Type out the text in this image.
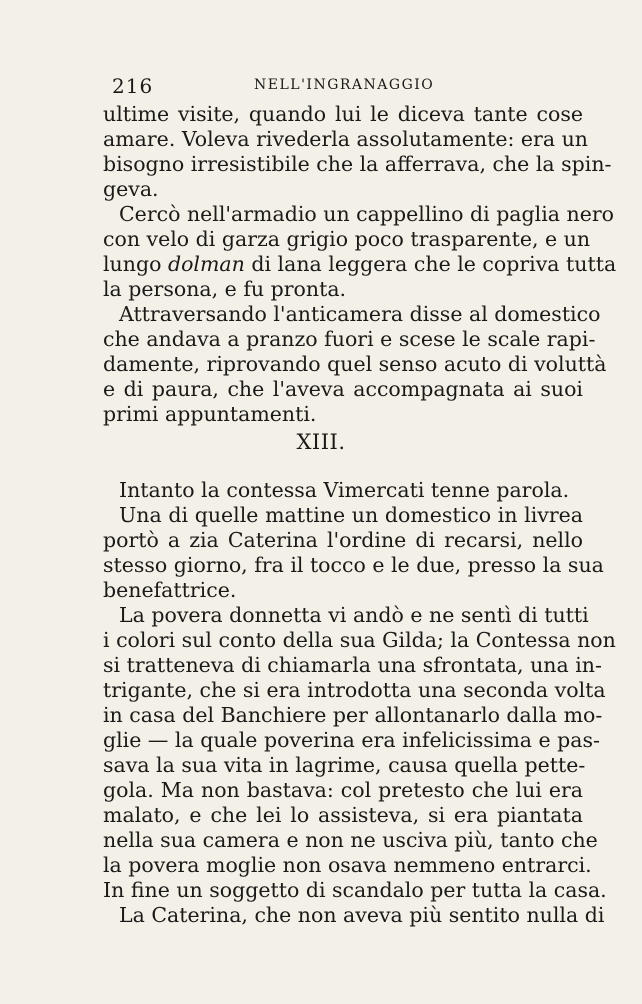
216	NELL'INGRANAGGIO

ultime visite, quando lui le diceva tante cose
amare. Voleva rivederla assolutamente: era un
bisogno irresistibile che la afferrava, che la spin-
geva.

Cercò nell'armadio un cappellino di paglia nero
con velo di garza grigio poco trasparente, e un
lungo dolman di lana leggera che le copriva tutta
la persona, e fu pronta.

Attraversando l'anticamera disse al domestico
che andava a pranzo fuori e scese le scale rapi-
damente, riprovando quel senso acuto di voluttà
e di paura, che l'aveva accompagnata ai suoi
primi appuntamenti.

XIII.

Intanto la contessa Vimercati tenne parola.

Una di quelle mattine un domestico in livrea
portò a zia Caterina l'ordine di recarsi, nello
stesso giorno, fra il tocco e le due, presso la sua
benefattrice.

La povera donnetta vi andò e ne sentì di tutti
i colori sul conto della sua Gilda; la Contessa non
si tratteneva di chiamarla una sfrontata, una in-
trigante, che si era introdotta una seconda volta
in casa del Banchiere per allontanarlo dalla mo-
glie — la quale poverina era infelicissima e pas-
sava la sua vita in lagrime, causa quella pette-
gola. Ma non bastava: col pretesto che lui era
malato, e che lei lo assisteva, si era piantata
nella sua camera e non ne usciva più, tanto che
la povera moglie non osava nemmeno entrarci.
In fine un soggetto di scandalo per tutta la casa.

La Caterina, che non aveva più sentito nulla di
